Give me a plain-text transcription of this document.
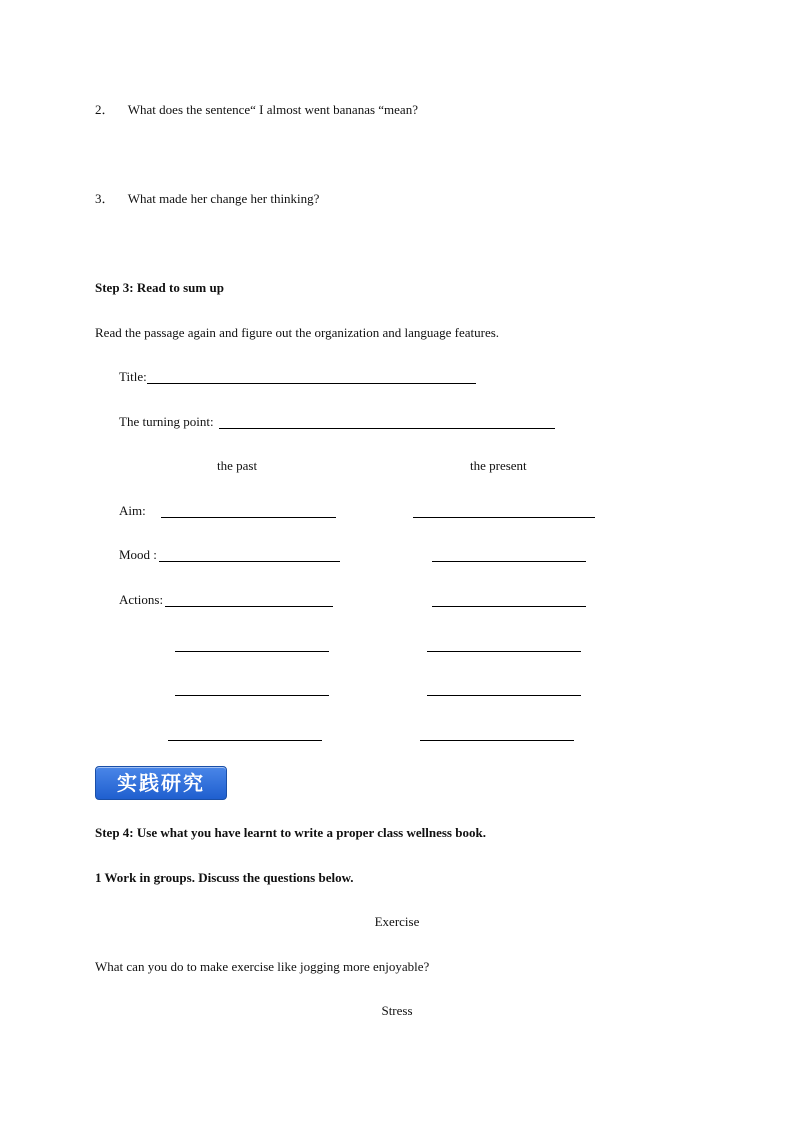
2． What does the sentence“ I almost went bananas “mean?
3． What made her change her thinking?
Step 3: Read to sum up
Read the passage again and figure out the organization and language features.
Title:
The turning point:
the past	the present
Aim:
Mood :
Actions:
实践研究
Step 4: Use what you have learnt to write a proper class wellness book.
1 Work in groups. Discuss the questions below.
Exercise
What can you do to make exercise like jogging more enjoyable?
Stress
